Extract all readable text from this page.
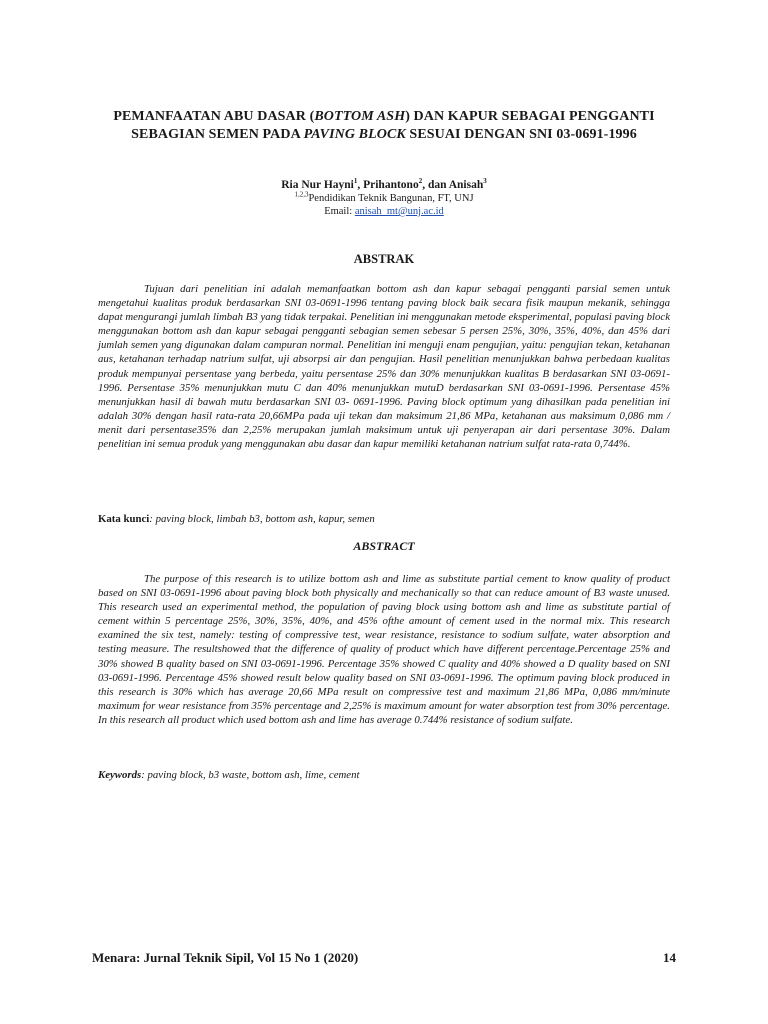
PEMANFAATAN ABU DASAR (BOTTOM ASH) DAN KAPUR SEBAGAI PENGGANTI SEBAGIAN SEMEN PADA PAVING BLOCK SESUAI DENGAN SNI 03-0691-1996
Ria Nur Hayni$^1$, Prihantono$^2$, dan Anisah$^3$
$^{1,2,3}$Pendidikan Teknik Bangunan, FT, UNJ
Email: anisah_mt@unj.ac.id
ABSTRAK
Tujuan dari penelitian ini adalah memanfaatkan bottom ash dan kapur sebagai pengganti parsial semen untuk mengetahui kualitas produk berdasarkan SNI 03-0691-1996 tentang paving block baik secara fisik maupun mekanik, sehingga dapat mengurangi jumlah limbah B3 yang tidak terpakai. Penelitian ini menggunakan metode eksperimental, populasi paving block menggunakan bottom ash dan kapur sebagai pengganti sebagian semen sebesar 5 persen 25%, 30%, 35%, 40%, dan 45% dari jumlah semen yang digunakan dalam campuran normal. Penelitian ini menguji enam pengujian, yaitu: pengujian tekan, ketahanan aus, ketahanan terhadap natrium sulfat, uji absorpsi air dan pengujian. Hasil penelitian menunjukkan bahwa perbedaan kualitas produk mempunyai persentase yang berbeda, yaitu persentase 25% dan 30% menunjukkan kualitas B berdasarkan SNI 03-0691-1996. Persentase 35% menunjukkan mutu C dan 40% menunjukkan mutuD berdasarkan SNI 03-0691-1996. Persentase 45% menunjukkan hasil di bawah mutu berdasarkan SNI 03- 0691-1996. Paving block optimum yang dihasilkan pada penelitian ini adalah 30% dengan hasil rata-rata 20,66MPa pada uji tekan dan maksimum 21,86 MPa, ketahanan aus maksimum 0,086 mm / menit dari persentase35% dan 2,25% merupakan jumlah maksimum untuk uji penyerapan air dari persentase 30%. Dalam penelitian ini semua produk yang menggunakan abu dasar dan kapur memiliki ketahanan natrium sulfat rata-rata 0,744%.
Kata kunci: paving block, limbah b3, bottom ash, kapur, semen
ABSTRACT
The purpose of this research is to utilize bottom ash and lime as substitute partial cement to know quality of product based on SNI 03-0691-1996 about paving block both physically and mechanically so that can reduce amount of B3 waste unused. This research used an experimental method, the population of paving block using bottom ash and lime as substitute partial of cement within 5 percentage 25%, 30%, 35%, 40%, and 45% ofthe amount of cement used in the normal mix. This research examined the six test, namely: testing of compressive test, wear resistance, resistance to sodium sulfate, water absorption and testing measure. The resultshowed that the difference of quality of product which have different percentage.Percentage 25% and 30% showed B quality based on SNI 03-0691-1996. Percentage 35% showed C quality and 40% showed a D quality based on SNI 03-0691-1996. Percentage 45% showed result below quality based on SNI 03-0691-1996. The optimum paving block produced in this research is 30% which has average 20,66 MPa result on compressive test and maximum 21,86 MPa, 0,086 mm/minute maximum for wear resistance from 35% percentage and 2,25% is maximum amount for water absorption test from 30% percentage. In this research all product which used bottom ash and lime has average 0.744% resistance of sodium sulfate.
Keywords: paving block, b3 waste, bottom ash, lime, cement
Menara: Jurnal Teknik Sipil, Vol 15 No 1 (2020)	14
